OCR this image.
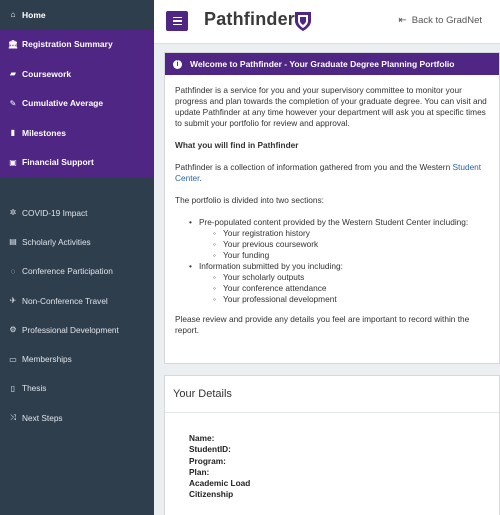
⌂ Home
🏛 Registration Summary
▰ Coursework
✎ Cumulative Average
▮ Milestones
▣ Financial Support
✲ COVID-19 Impact
▤ Scholarly Activities
◌ Conference Participation
✈ Non-Conference Travel
⚙ Professional Development
▭ Memberships
▯ Thesis
⤨ Next Steps
Pathfinder	⇤ Back to GradNet
i	Welcome to Pathfinder - Your Graduate Degree Planning Portfolio

Pathfinder is a service for you and your supervisory committee to monitor your progress and plan towards the completion of your graduate degree. You can visit and update Pathfinder at any time however your department will ask you at specific times to submit your portfolio for review and approval.

What you will find in Pathfinder

Pathfinder is a collection of information gathered from you and the Western Student Center.

The portfolio is divided into two sections:

• Pre-populated content provided by the Western Student Center including:
◦ Your registration history
◦ Your previous coursework
◦ Your funding
• Information submitted by you including:
◦ Your scholarly outputs
◦ Your conference attendance
◦ Your professional development

Please review and provide any details you feel are important to record within the report.

Your Details
Name:
StudentID:
Program:
Plan:
Academic Load
Citizenship
